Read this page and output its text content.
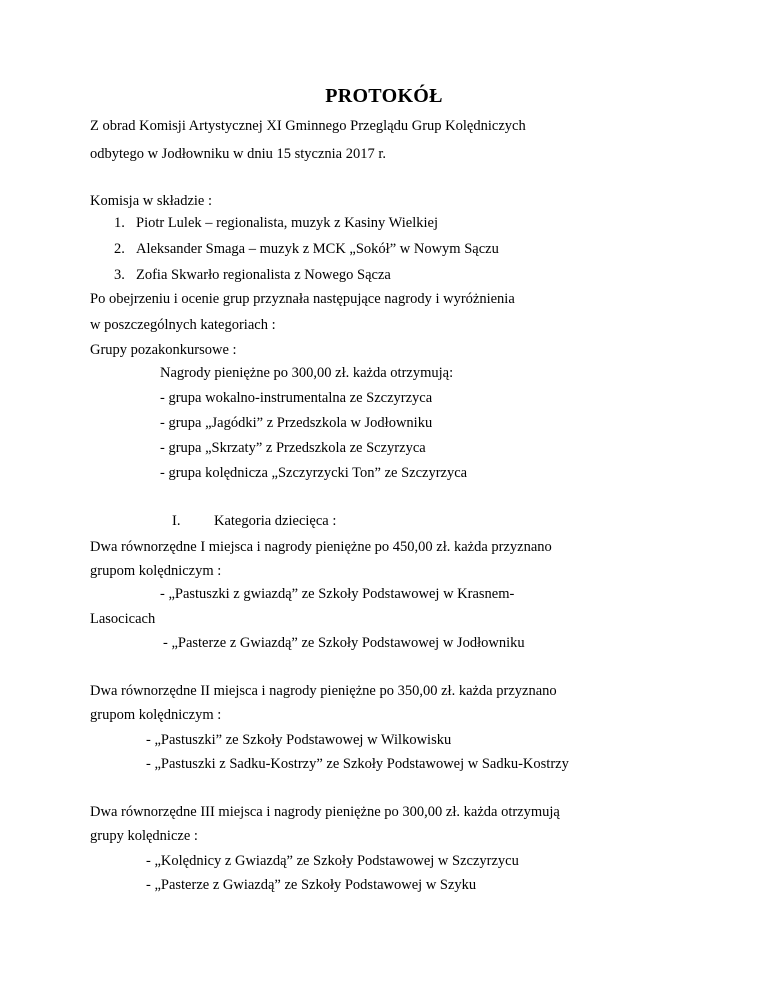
PROTOKÓŁ
Z obrad Komisji Artystycznej XI Gminnego Przeglądu Grup Kolędniczych
odbytego w Jodłowniku w dniu 15 stycznia 2017 r.
Komisja w składzie :
1. Piotr Lulek – regionalista, muzyk z Kasiny Wielkiej
2. Aleksander Smaga – muzyk z MCK „Sokół” w Nowym Sączu
3. Zofia Skwarło regionalista z Nowego Sącza
Po obejrzeniu i ocenie grup przyznała następujące nagrody i wyróżnienia
w poszczególnych kategoriach :
Grupy pozakonkursowe :
Nagrody pieniężne po 300,00 zł. każda otrzymują:
- grupa wokalno-instrumentalna ze Szczyrzyca
- grupa „Jagódki” z Przedszkola w Jodłowniku
- grupa „Skrzaty” z Przedszkola ze Sczyrzyca
- grupa kolędnicza „Szczyrzycki Ton” ze Szczyrzyca
I. Kategoria dziecięca :
Dwa równorzędne I miejsca i nagrody pieniężne po 450,00 zł. każda przyznano
grupom kolędniczym :
- „Pastuszki z gwiazdą” ze Szkoły Podstawowej w Krasnem-
Lasocicach
- „Pasterze z Gwiazdą” ze Szkoły Podstawowej w Jodłowniku
Dwa równorzędne II miejsca i nagrody pieniężne po 350,00 zł. każda przyznano
grupom kolędniczym :
- „Pastuszki” ze Szkoły Podstawowej w Wilkowisku
- „Pastuszki z Sadku-Kostrzy” ze Szkoły Podstawowej w Sadku-Kostrzy
Dwa równorzędne III miejsca i nagrody pieniężne po 300,00 zł. każda otrzymują
grupy kolędnicze :
- „Kolędnicy z Gwiazdą” ze Szkoły Podstawowej w Szczyrzycu
- „Pasterze z Gwiazdą” ze Szkoły Podstawowej w Szyku
